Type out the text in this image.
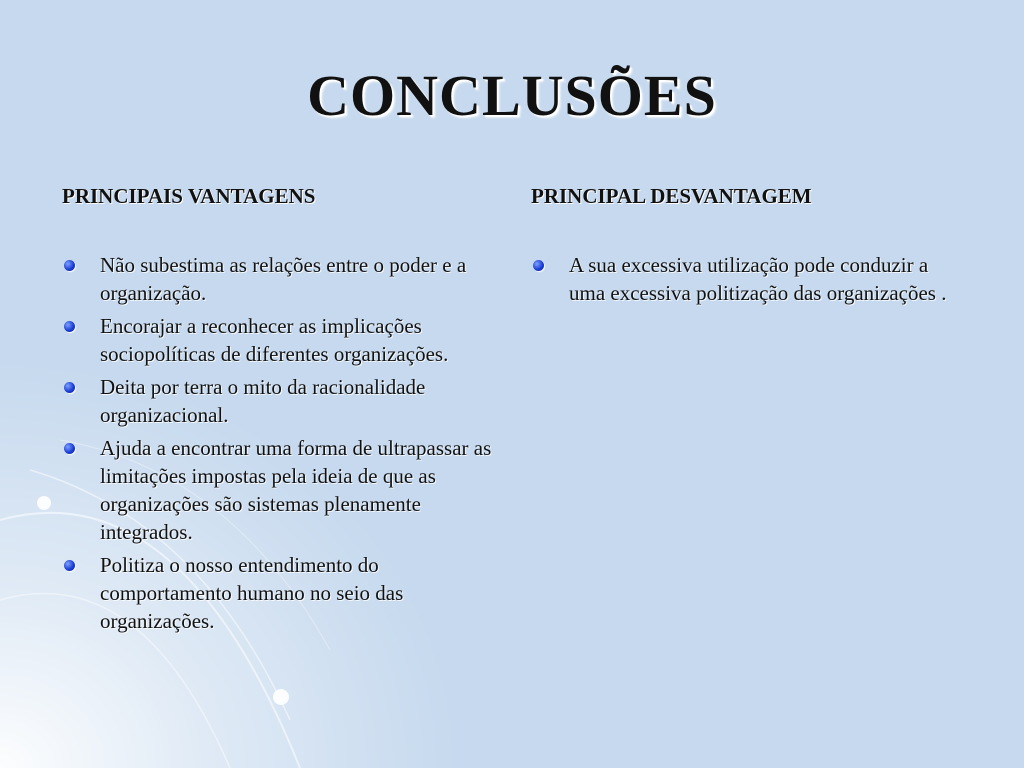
CONCLUSÕES
PRINCIPAIS VANTAGENS
Não subestima as relações entre o poder e a organização.
Encorajar a reconhecer as implicações sociopolíticas de diferentes organizações.
Deita por terra o mito da racionalidade organizacional.
Ajuda a encontrar uma forma de ultrapassar as limitações impostas pela ideia de que as organizações são sistemas plenamente integrados.
Politiza o nosso entendimento do comportamento humano no seio das organizações.
PRINCIPAL DESVANTAGEM
A sua excessiva utilização pode conduzir a uma excessiva politização das organizações .
